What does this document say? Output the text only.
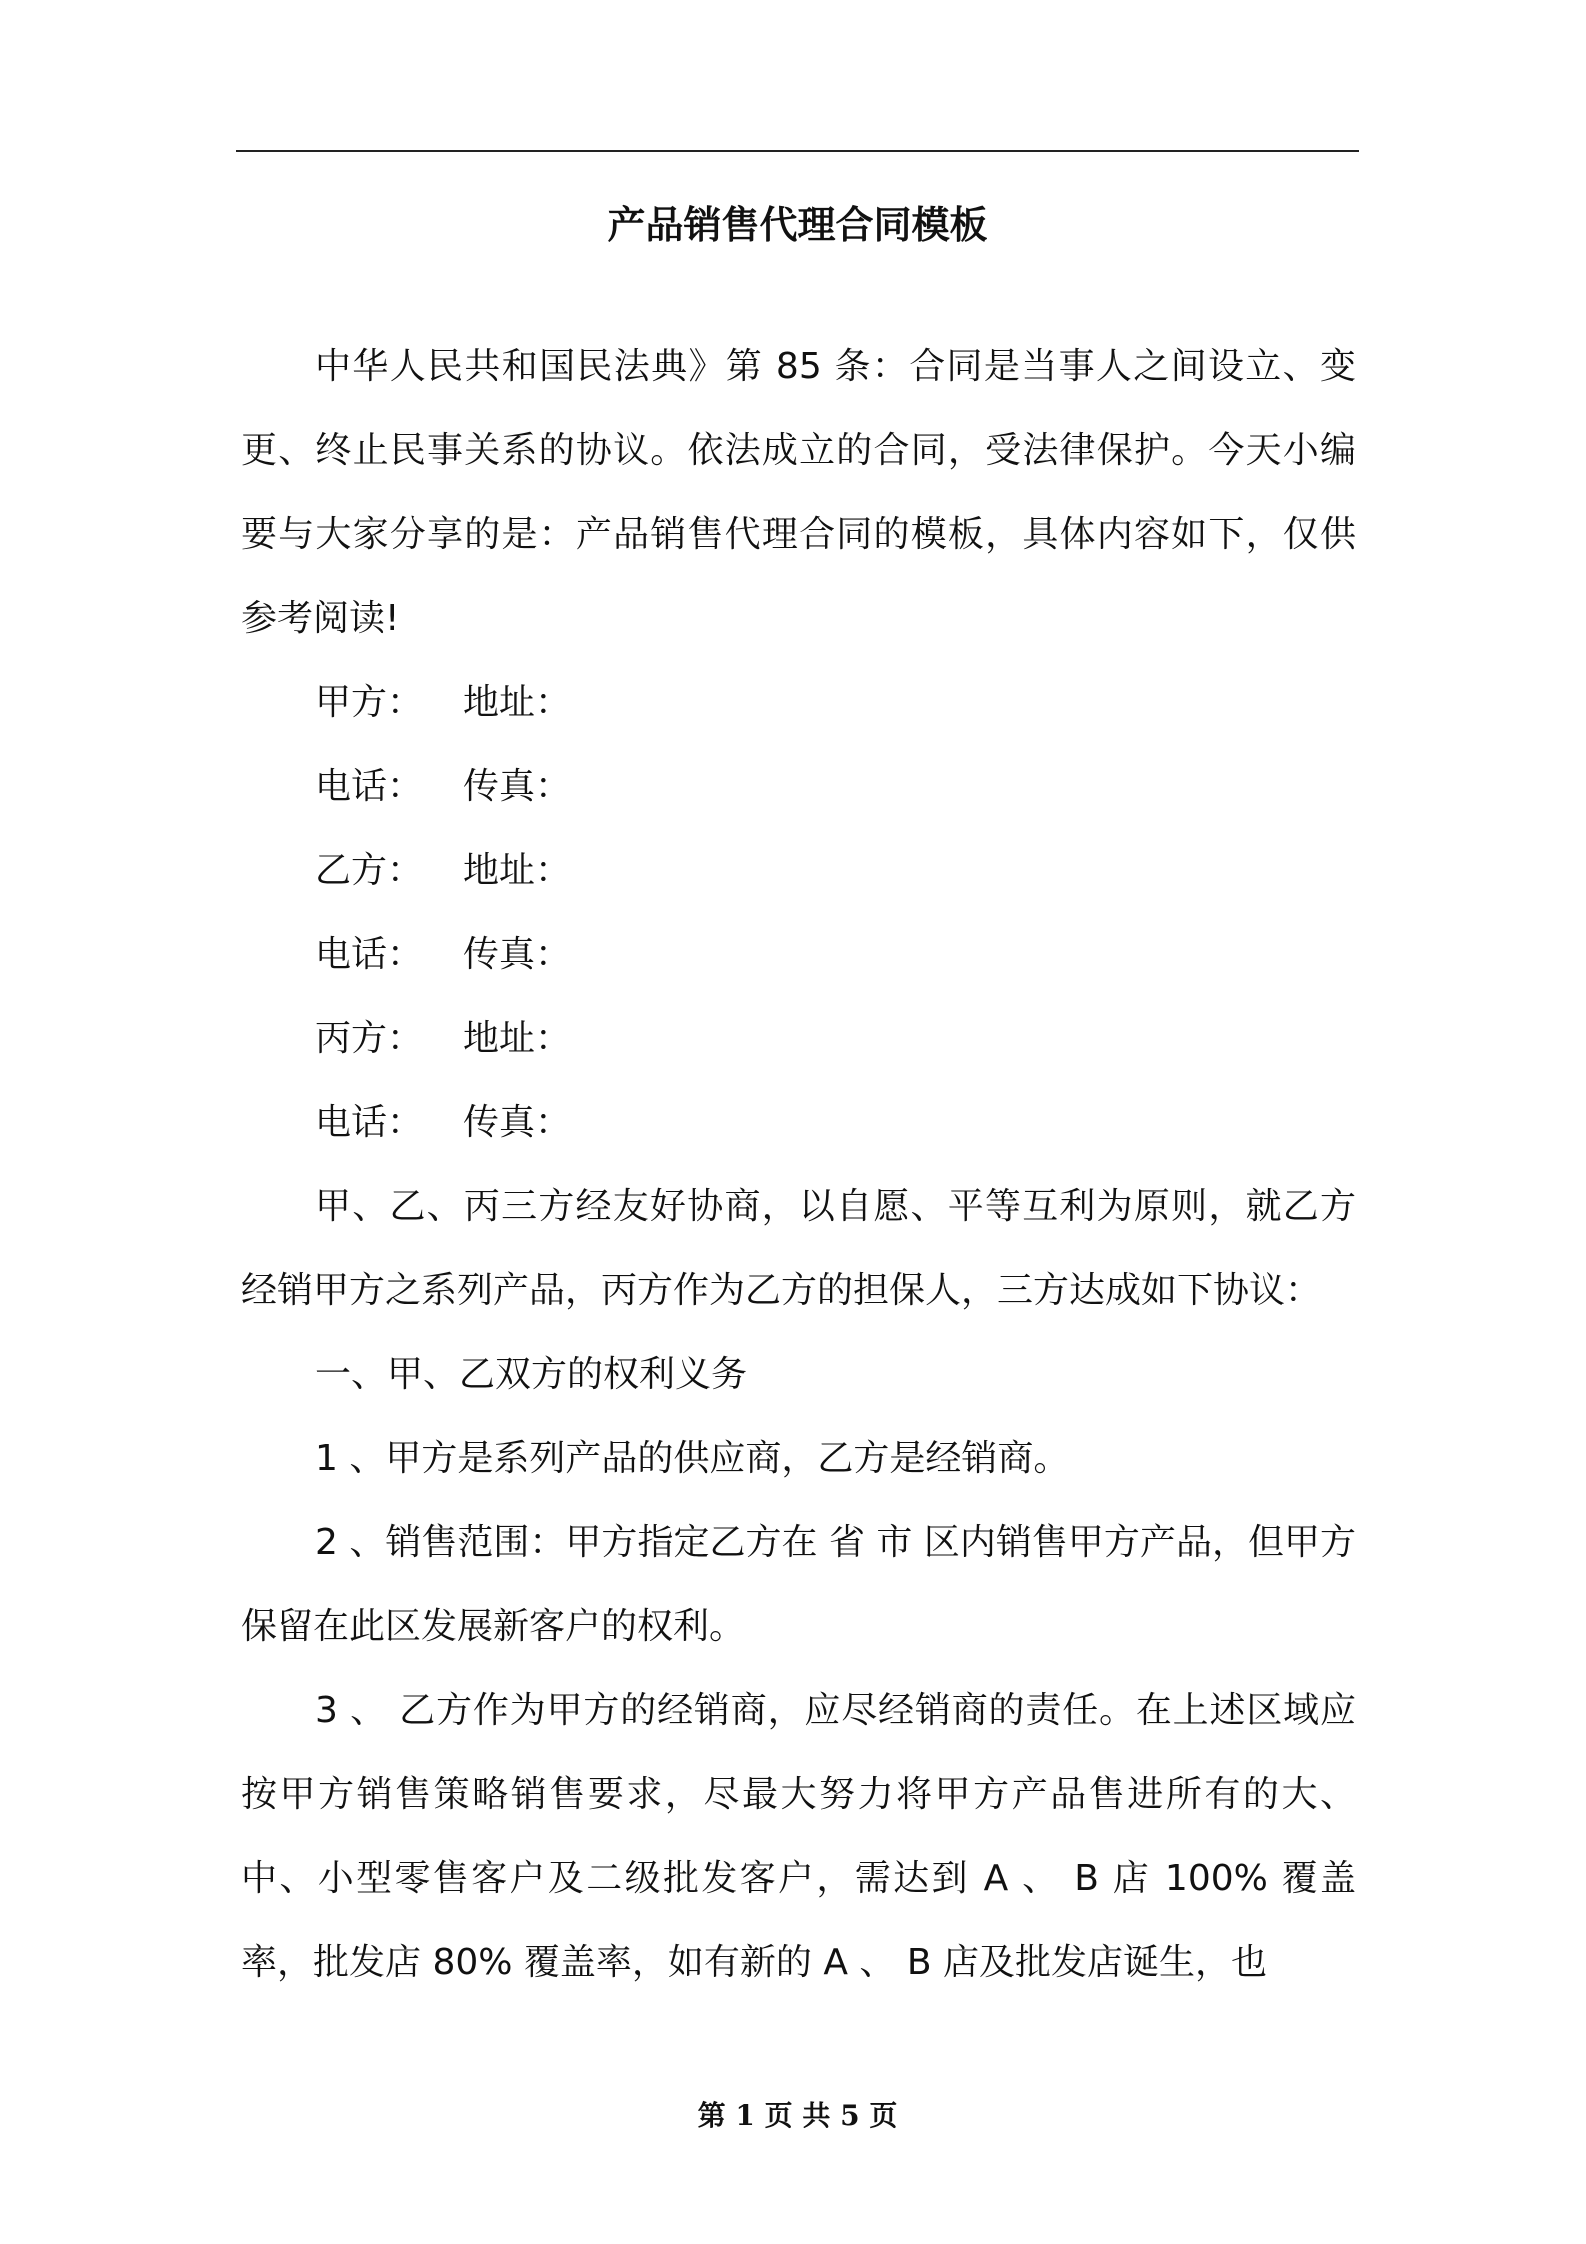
产品销售代理合同模板

中华人民共和国民法典》第 85 条：合同是当事人之间设立、变更、终止民事关系的协议。依法成立的合同，受法律保护。今天小编要与大家分享的是：产品销售代理合同的模板，具体内容如下，仅供参考阅读!

甲方： 地址：
电话： 传真：
乙方： 地址：
电话： 传真：
丙方： 地址：
电话： 传真：

甲、乙、丙三方经友好协商，以自愿、平等互利为原则，就乙方经销甲方之系列产品，丙方作为乙方的担保人，三方达成如下协议：

一、甲、乙双方的权利义务

1 、甲方是系列产品的供应商，乙方是经销商。

2 、销售范围：甲方指定乙方在 省 市 区内销售甲方产品，但甲方保留在此区发展新客户的权利。

3 、 乙方作为甲方的经销商，应尽经销商的责任。在上述区域应按甲方销售策略销售要求，尽最大努力将甲方产品售进所有的大、中、小型零售客户及二级批发客户，需达到 A 、 B 店 100% 覆盖率，批发店 80% 覆盖率，如有新的 A 、 B 店及批发店诞生，也

第 1 页 共 5 页
